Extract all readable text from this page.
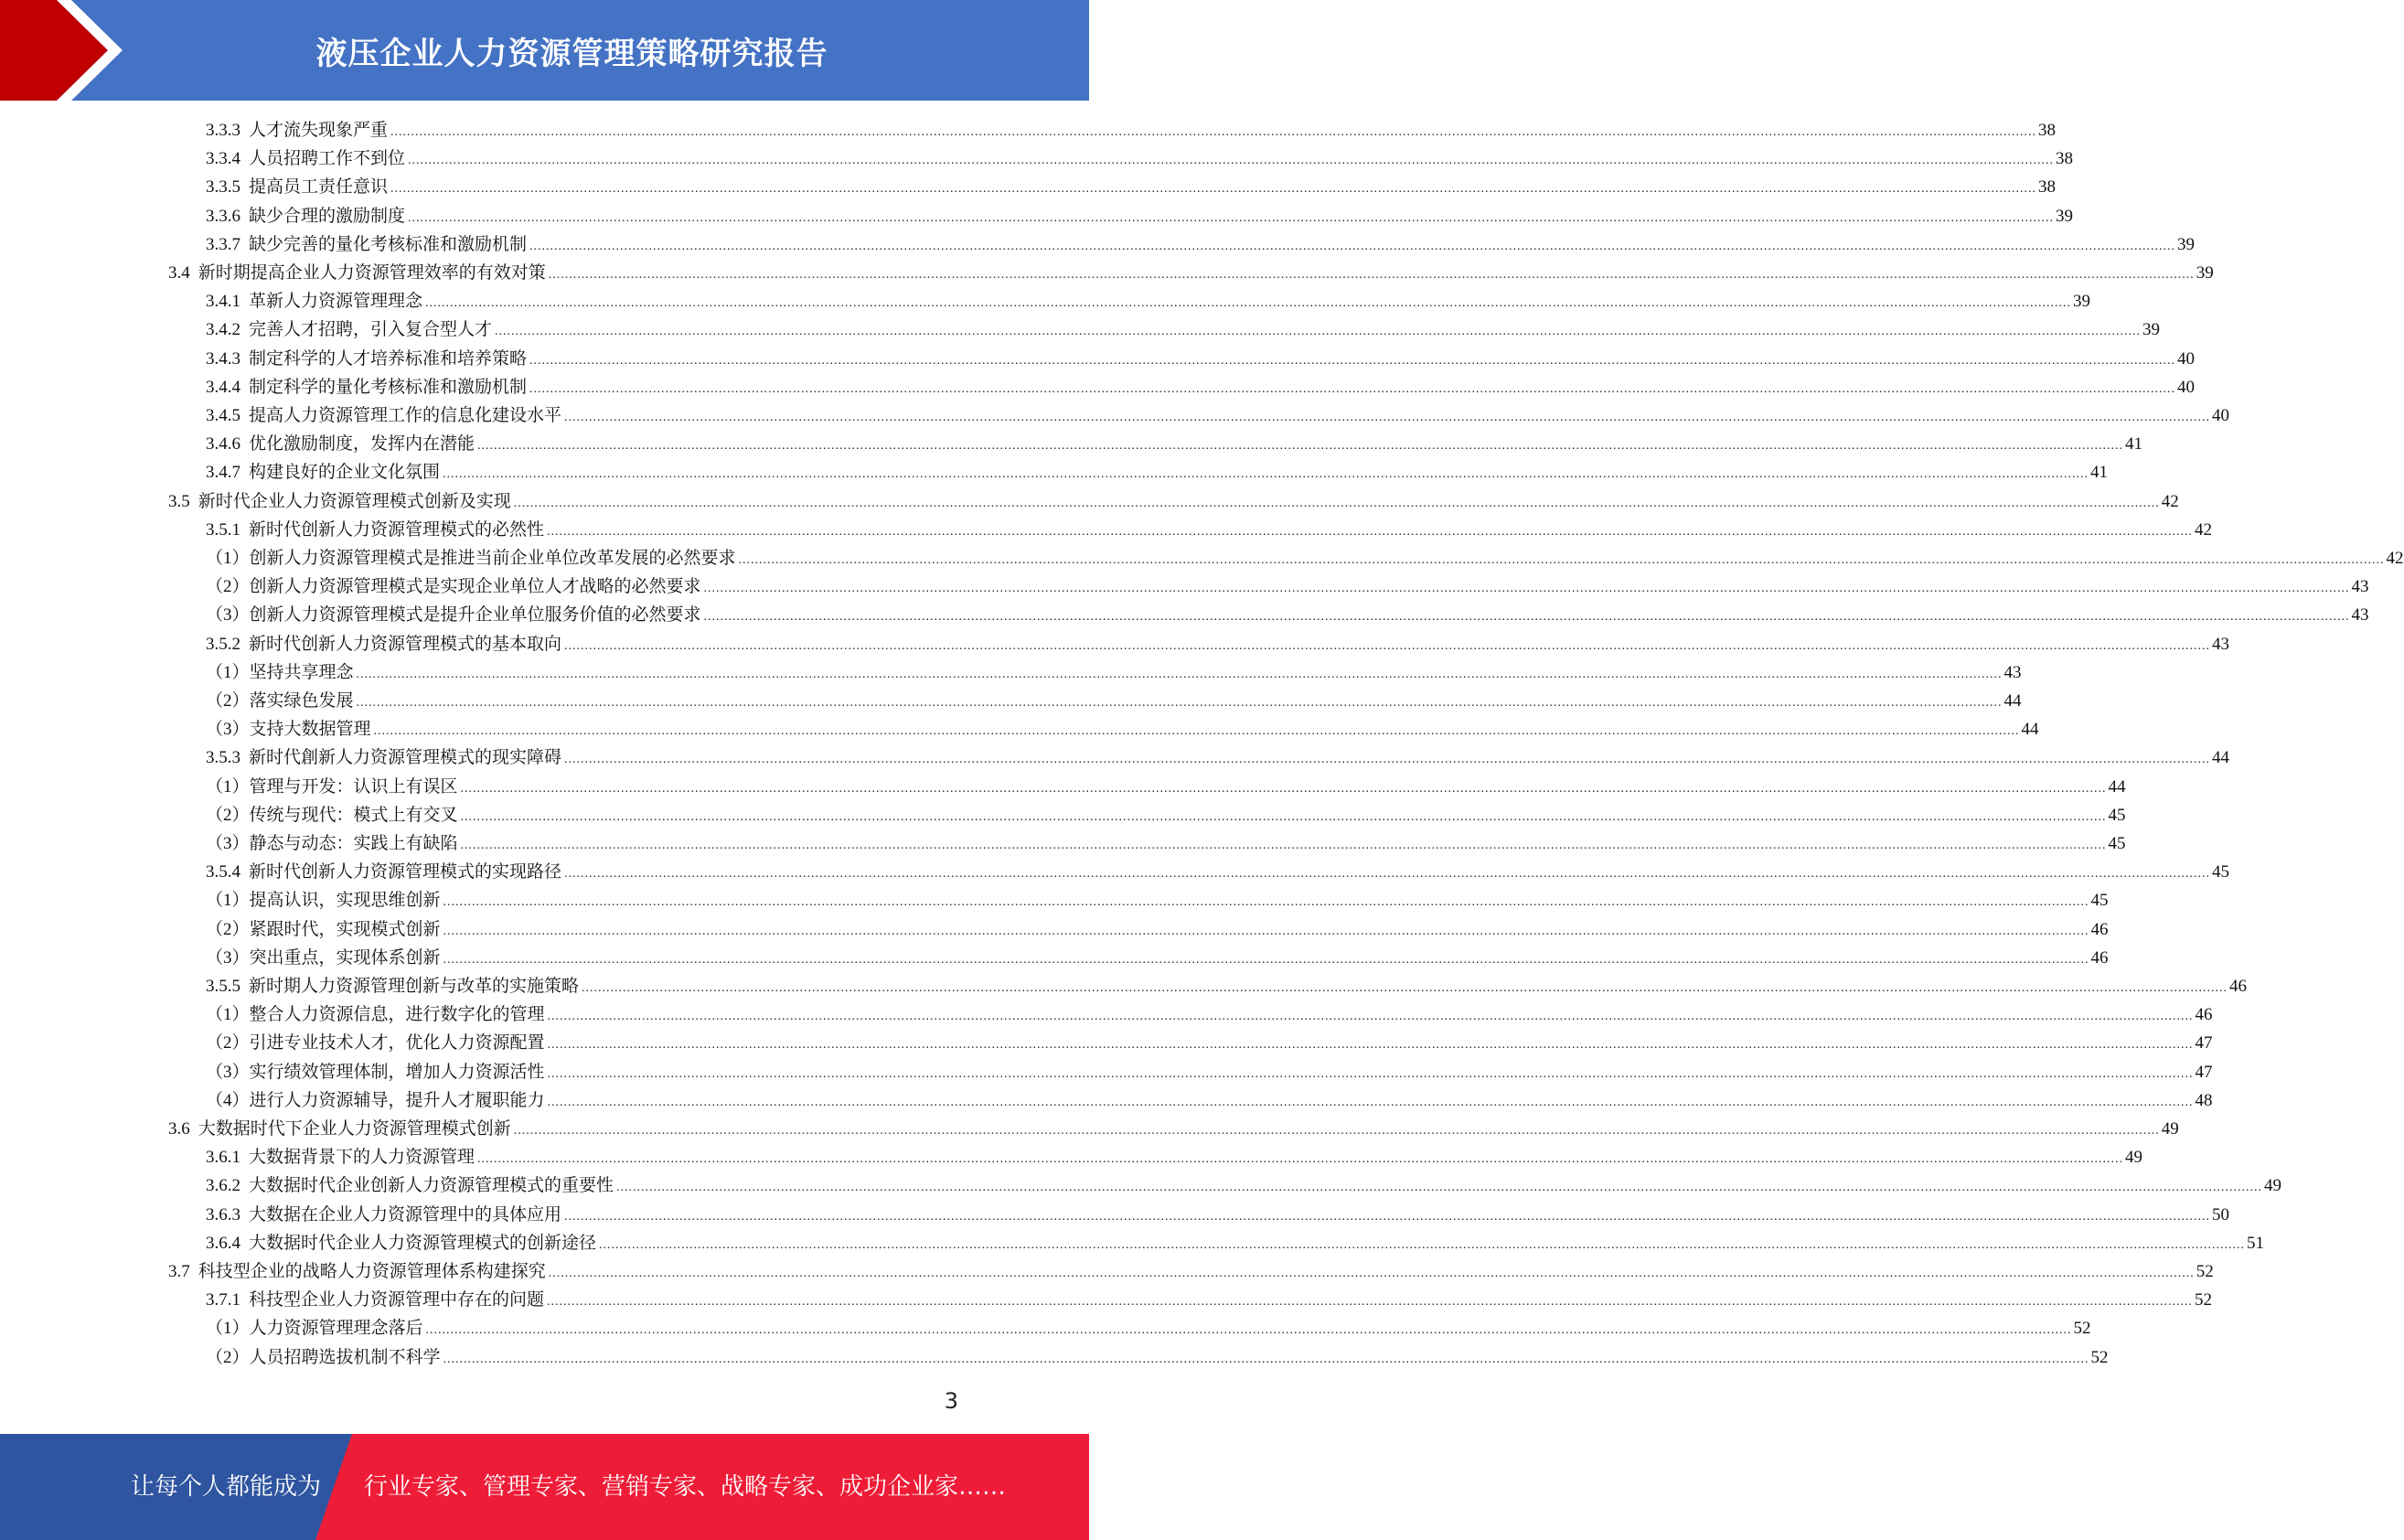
液压企业人力资源管理策略研究报告
3.3.3 人才流失现象严重 ................................................................................................................................................................................................................................................................................................................................................................................................................ 38
3.3.4 人员招聘工作不到位 ................................................................................................................................................................................................................................................................................................................................................................................................................ 38
3.3.5 提高员工责任意识 ................................................................................................................................................................................................................................................................................................................................................................................................................ 38
3.3.6 缺少合理的激励制度 ................................................................................................................................................................................................................................................................................................................................................................................................................ 39
3.3.7 缺少完善的量化考核标准和激励机制 ................................................................................................................................................................................................................................................................................................................................................................................................................ 39
3.4 新时期提高企业人力资源管理效率的有效对策 ................................................................................................................................................................................................................................................................................................................................................................................................................ 39
3.4.1 革新人力资源管理理念 ................................................................................................................................................................................................................................................................................................................................................................................................................ 39
3.4.2 完善人才招聘，引入复合型人才 ................................................................................................................................................................................................................................................................................................................................................................................................................ 39
3.4.3 制定科学的人才培养标准和培养策略 ................................................................................................................................................................................................................................................................................................................................................................................................................ 40
3.4.4 制定科学的量化考核标准和激励机制 ................................................................................................................................................................................................................................................................................................................................................................................................................ 40
3.4.5 提高人力资源管理工作的信息化建设水平 ................................................................................................................................................................................................................................................................................................................................................................................................................ 40
3.4.6 优化激励制度，发挥内在潜能 ................................................................................................................................................................................................................................................................................................................................................................................................................ 41
3.4.7 构建良好的企业文化氛围 ................................................................................................................................................................................................................................................................................................................................................................................................................ 41
3.5 新时代企业人力资源管理模式创新及实现 ................................................................................................................................................................................................................................................................................................................................................................................................................ 42
3.5.1 新时代创新人力资源管理模式的必然性 ................................................................................................................................................................................................................................................................................................................................................................................................................ 42
（1）创新人力资源管理模式是推进当前企业单位改革发展的必然要求 ................................................................................................................................................................................................................................................................................................................................................................................................................ 42
（2）创新人力资源管理模式是实现企业单位人才战略的必然要求 ................................................................................................................................................................................................................................................................................................................................................................................................................ 43
（3）创新人力资源管理模式是提升企业单位服务价值的必然要求 ................................................................................................................................................................................................................................................................................................................................................................................................................ 43
3.5.2 新时代创新人力资源管理模式的基本取向 ................................................................................................................................................................................................................................................................................................................................................................................................................ 43
（1）坚持共享理念 ................................................................................................................................................................................................................................................................................................................................................................................................................ 43
（2）落实绿色发展 ................................................................................................................................................................................................................................................................................................................................................................................................................ 44
（3）支持大数据管理 ................................................................................................................................................................................................................................................................................................................................................................................................................ 44
3.5.3 新时代創新人力资源管理模式的现实障碍 ................................................................................................................................................................................................................................................................................................................................................................................................................ 44
（1）管理与开发：认识上有误区 ................................................................................................................................................................................................................................................................................................................................................................................................................ 44
（2）传统与现代：模式上有交叉 ................................................................................................................................................................................................................................................................................................................................................................................................................ 45
（3）静态与动态：实践上有缺陷 ................................................................................................................................................................................................................................................................................................................................................................................................................ 45
3.5.4 新时代创新人力资源管理模式的实现路径 ................................................................................................................................................................................................................................................................................................................................................................................................................ 45
（1）提高认识，实现思维创新 ................................................................................................................................................................................................................................................................................................................................................................................................................ 45
（2）紧跟时代，实现模式创新 ................................................................................................................................................................................................................................................................................................................................................................................................................ 46
（3）突出重点，实现体系创新 ................................................................................................................................................................................................................................................................................................................................................................................................................ 46
3.5.5 新时期人力资源管理创新与改革的实施策略 ................................................................................................................................................................................................................................................................................................................................................................................................................ 46
（1）整合人力资源信息，进行数字化的管理 ................................................................................................................................................................................................................................................................................................................................................................................................................ 46
（2）引进专业技术人才，优化人力资源配置 ................................................................................................................................................................................................................................................................................................................................................................................................................ 47
（3）实行绩效管理体制，增加人力资源活性 ................................................................................................................................................................................................................................................................................................................................................................................................................ 47
（4）进行人力资源辅导，提升人才履职能力 ................................................................................................................................................................................................................................................................................................................................................................................................................ 48
3.6 大数据时代下企业人力资源管理模式创新 ................................................................................................................................................................................................................................................................................................................................................................................................................ 49
3.6.1 大数据背景下的人力资源管理 ................................................................................................................................................................................................................................................................................................................................................................................................................ 49
3.6.2 大数据时代企业创新人力资源管理模式的重要性 ................................................................................................................................................................................................................................................................................................................................................................................................................ 49
3.6.3 大数据在企业人力资源管理中的具体应用 ................................................................................................................................................................................................................................................................................................................................................................................................................ 50
3.6.4 大数据时代企业人力资源管理模式的创新途径 ................................................................................................................................................................................................................................................................................................................................................................................................................ 51
3.7 科技型企业的战略人力资源管理体系构建探究 ................................................................................................................................................................................................................................................................................................................................................................................................................ 52
3.7.1 科技型企业人力资源管理中存在的问题 ................................................................................................................................................................................................................................................................................................................................................................................................................ 52
（1）人力资源管理理念落后 ................................................................................................................................................................................................................................................................................................................................................................................................................ 52
（2）人员招聘选拔机制不科学 ................................................................................................................................................................................................................................................................................................................................................................................................................ 52
3
让每个人都能成为 行业专家、管理专家、营销专家、战略专家、成功企业家……
